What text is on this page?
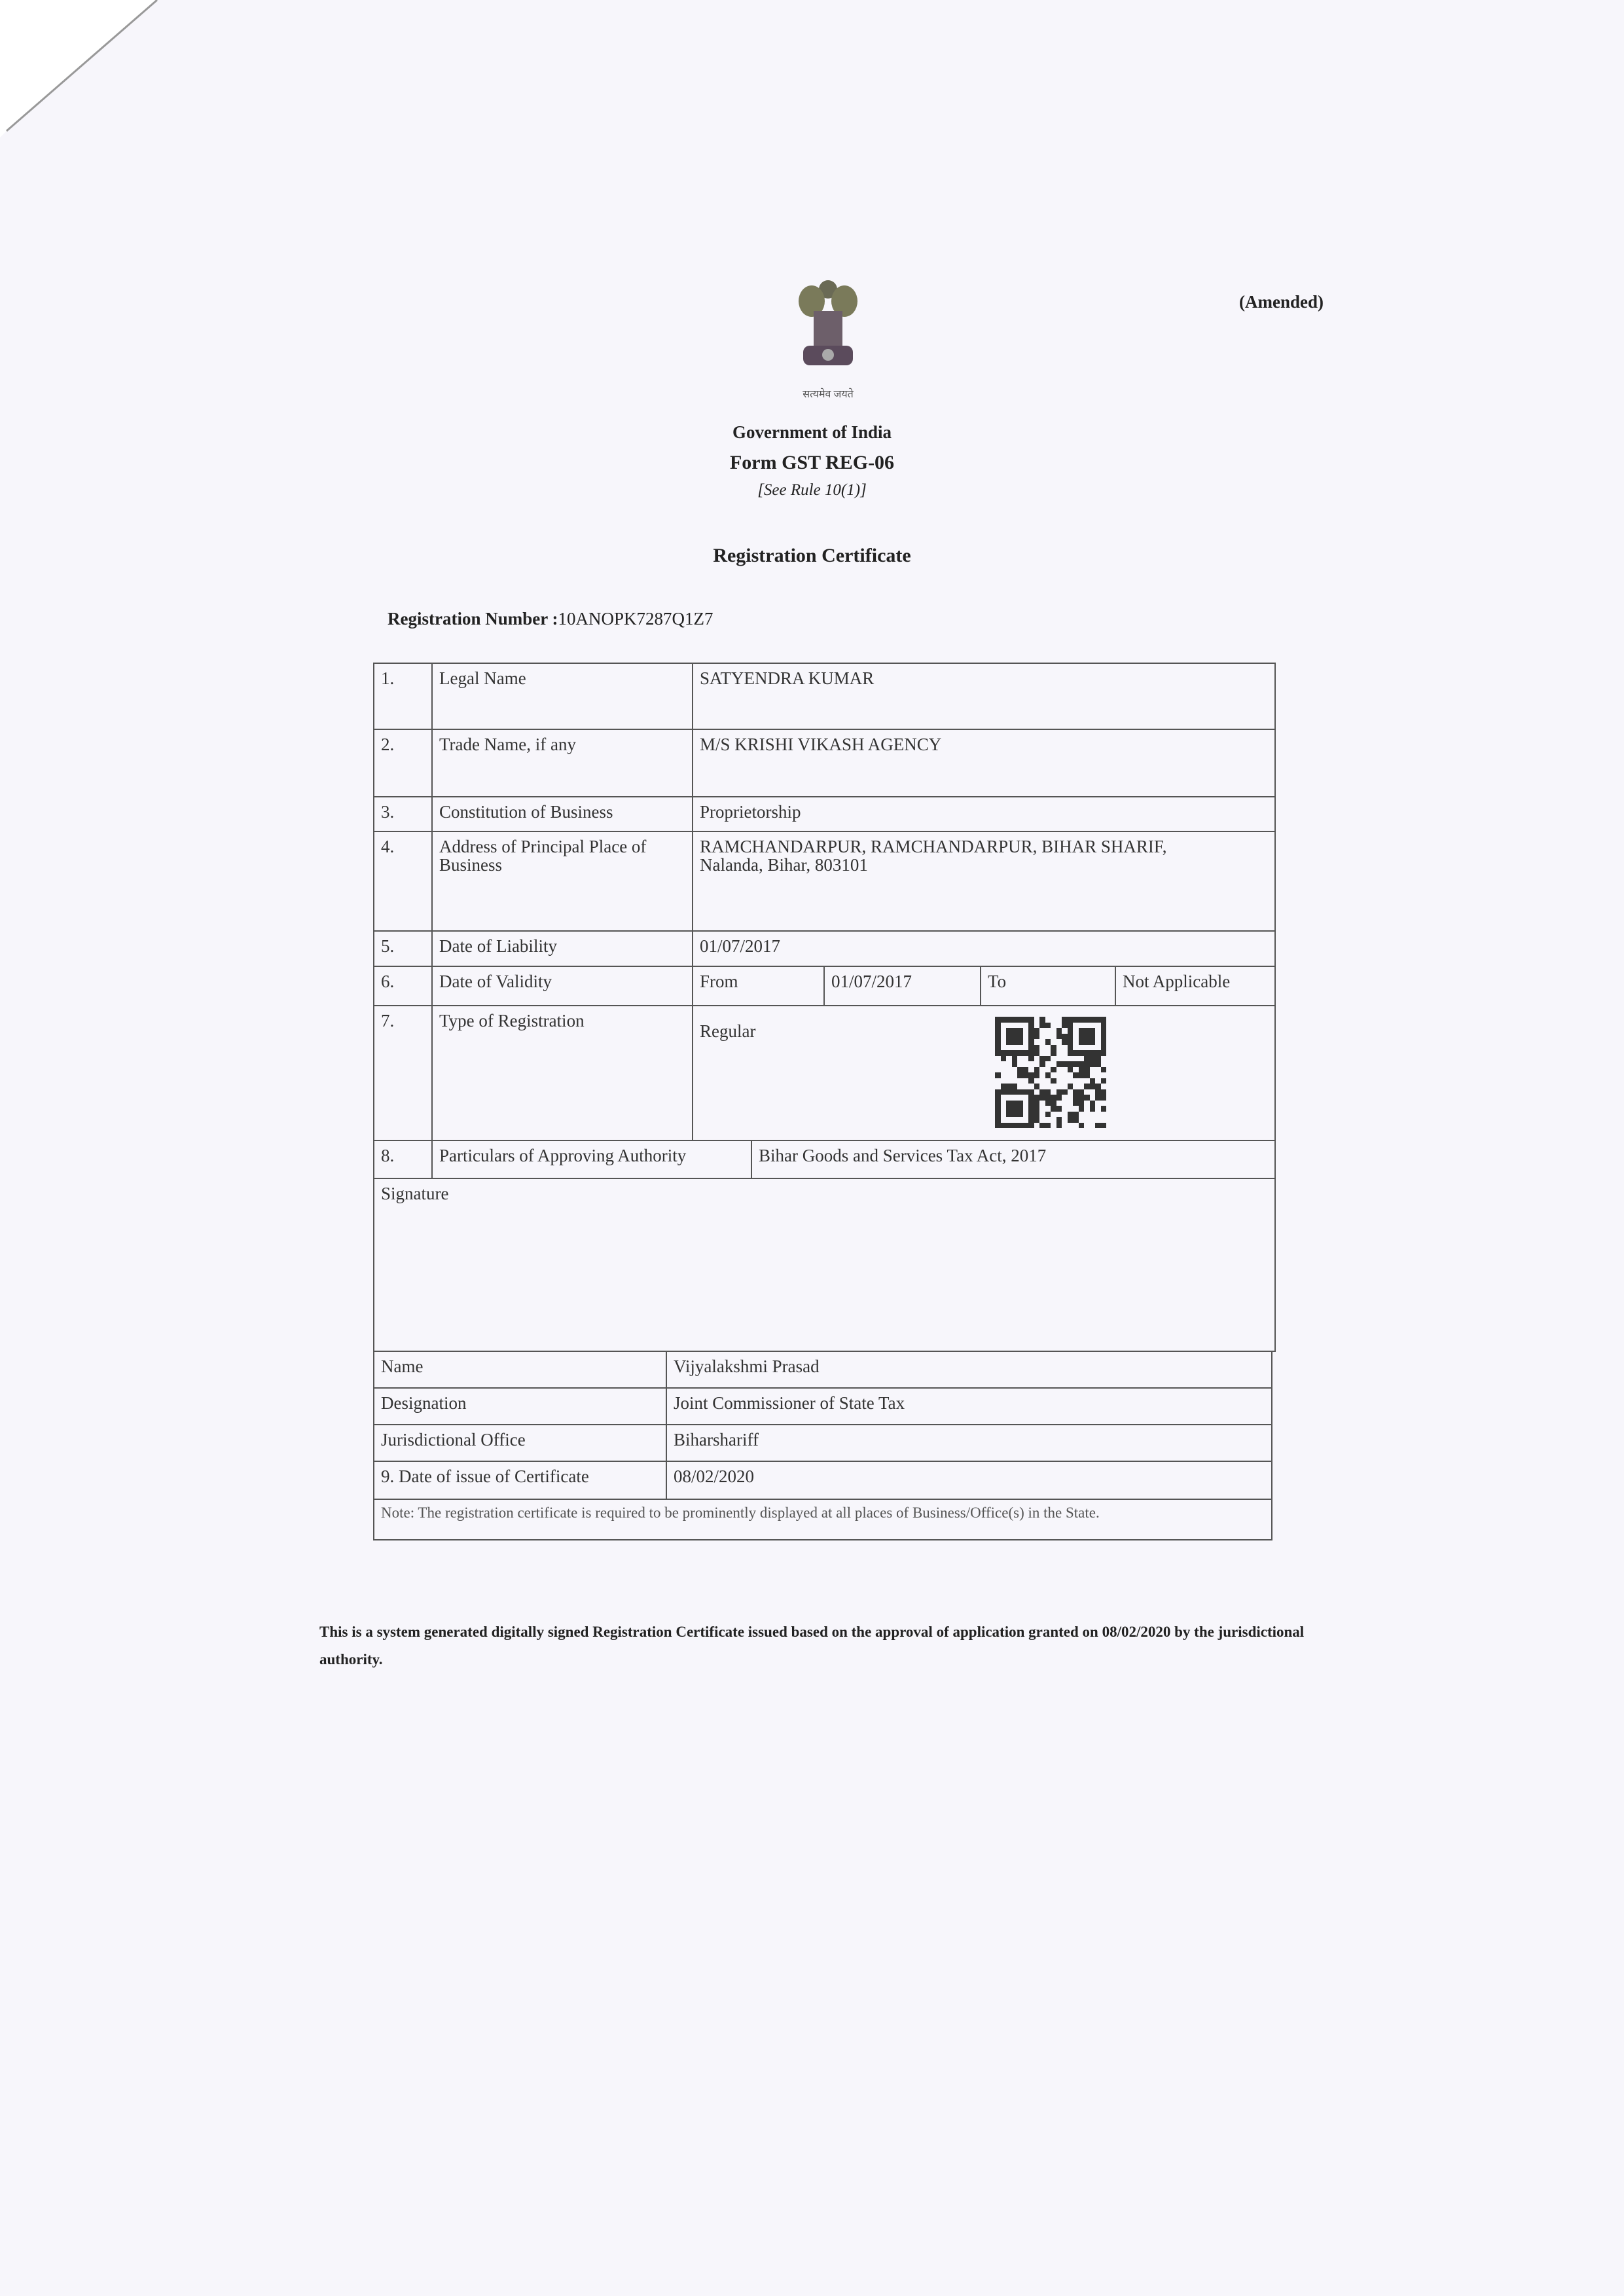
(Amended)
सत्यमेव जयते
Government of India
Form GST REG-06
[See Rule 10(1)]
Registration Certificate
Registration Number :10ANOPK7287Q1Z7
1.	Legal Name	SATYENDRA KUMAR
2.	Trade Name, if any	M/S KRISHI VIKASH AGENCY
3.	Constitution of Business	Proprietorship
4.	Address of Principal Place of Business
RAMCHANDARPUR, RAMCHANDARPUR, BIHAR SHARIF,
Nalanda, Bihar, 803101
5.	Date of Liability	01/07/2017
6.	Date of Validity	From	01/07/2017	To	Not Applicable
7.	Type of Registration
Regular
8.	Particulars of Approving Authority	Bihar Goods and Services Tax Act, 2017
Signature
Name	Vijyalakshmi Prasad
Designation	Joint Commissioner of State Tax
Jurisdictional Office	Biharshariff
9. Date of issue of Certificate	08/02/2020
Note: The registration certificate is required to be prominently displayed at all places of Business/Office(s) in the State.
This is a system generated digitally signed Registration Certificate issued based on the approval of application granted on 08/02/2020 by the jurisdictional authority.
